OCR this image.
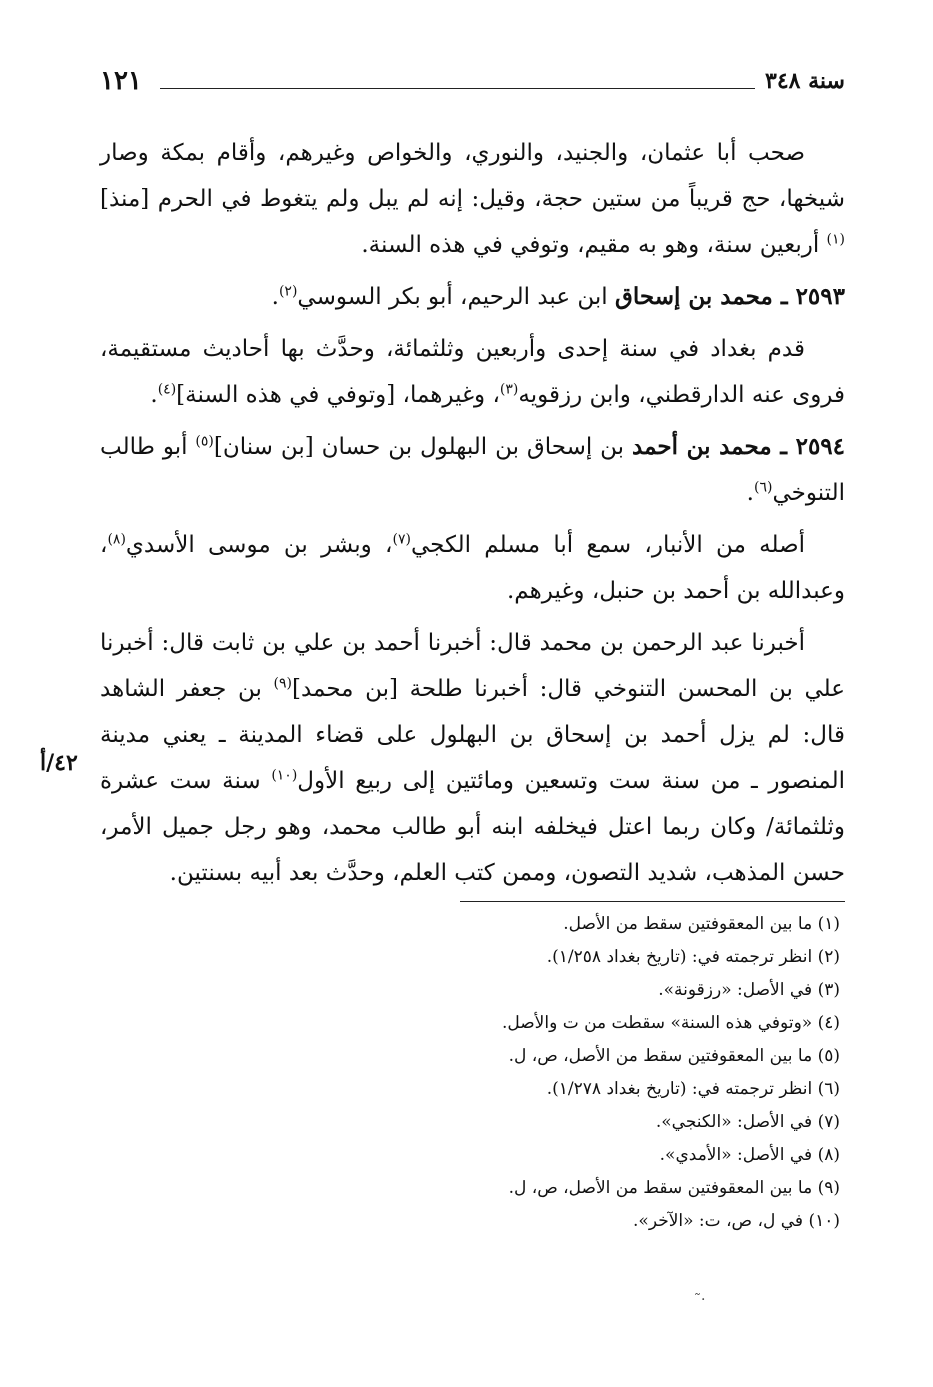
١٢١	سنة ٣٤٨

صحب أبا عثمان، والجنيد، والنوري، والخواص وغيرهم، وأقام بمكة وصار شيخها، حج قريباً من ستين حجة، وقيل: إنه لم يبل ولم يتغوط في الحرم [منذ]$^{(١)}$ أربعين سنة، وهو به مقيم، وتوفي في هذه السنة.

٢٥٩٣ ـ محمد بن إسحاق ابن عبد الرحيم، أبو بكر السوسي$^{(٢)}$.

قدم بغداد في سنة إحدى وأربعين وثلثمائة، وحدَّث بها أحاديث مستقيمة، فروى عنه الدارقطني، وابن رزقويه$^{(٣)}$، وغيرهما، [وتوفي في هذه السنة]$^{(٤)}$.

٢٥٩٤ ـ محمد بن أحمد بن إسحاق بن البهلول بن حسان [بن سنان]$^{(٥)}$ أبو طالب التنوخي$^{(٦)}$.

أصله من الأنبار، سمع أبا مسلم الكجي$^{(٧)}$، وبشر بن موسى الأسدي$^{(٨)}$، وعبدالله بن أحمد بن حنبل، وغيرهم.

أخبرنا عبد الرحمن بن محمد قال: أخبرنا أحمد بن علي بن ثابت قال: أخبرنا علي بن المحسن التنوخي قال: أخبرنا طلحة [بن محمد]$^{(٩)}$ بن جعفر الشاهد قال: لم يزل أحمد بن إسحاق بن البهلول على قضاء المدينة ـ يعني مدينة المنصور ـ من سنة ست وتسعين ومائتين إلى ربيع الأول$^{(١٠)}$ سنة ست عشرة وثلثمائة/ وكان ربما اعتل فيخلفه ابنه أبو طالب محمد، وهو رجل جميل الأمر، حسن المذهب، شديد التصون، وممن كتب العلم، وحدَّث بعد أبيه بسنتين.

٤٢/أ
(١) ما بين المعقوفتين سقط من الأصل.
(٢) انظر ترجمته في: (تاريخ بغداد ١/٢٥٨).
(٣) في الأصل: «رزقونة».
(٤) «وتوفي هذه السنة» سقطت من ت والأصل.
(٥) ما بين المعقوفتين سقط من الأصل، ص، ل.
(٦) انظر ترجمته في: (تاريخ بغداد ١/٢٧٨).
(٧) في الأصل: «الكنجي».
(٨) في الأصل: «الأمدي».
(٩) ما بين المعقوفتين سقط من الأصل، ص، ل.
(١٠) في ل، ص، ت: «الآخر».
˜·
